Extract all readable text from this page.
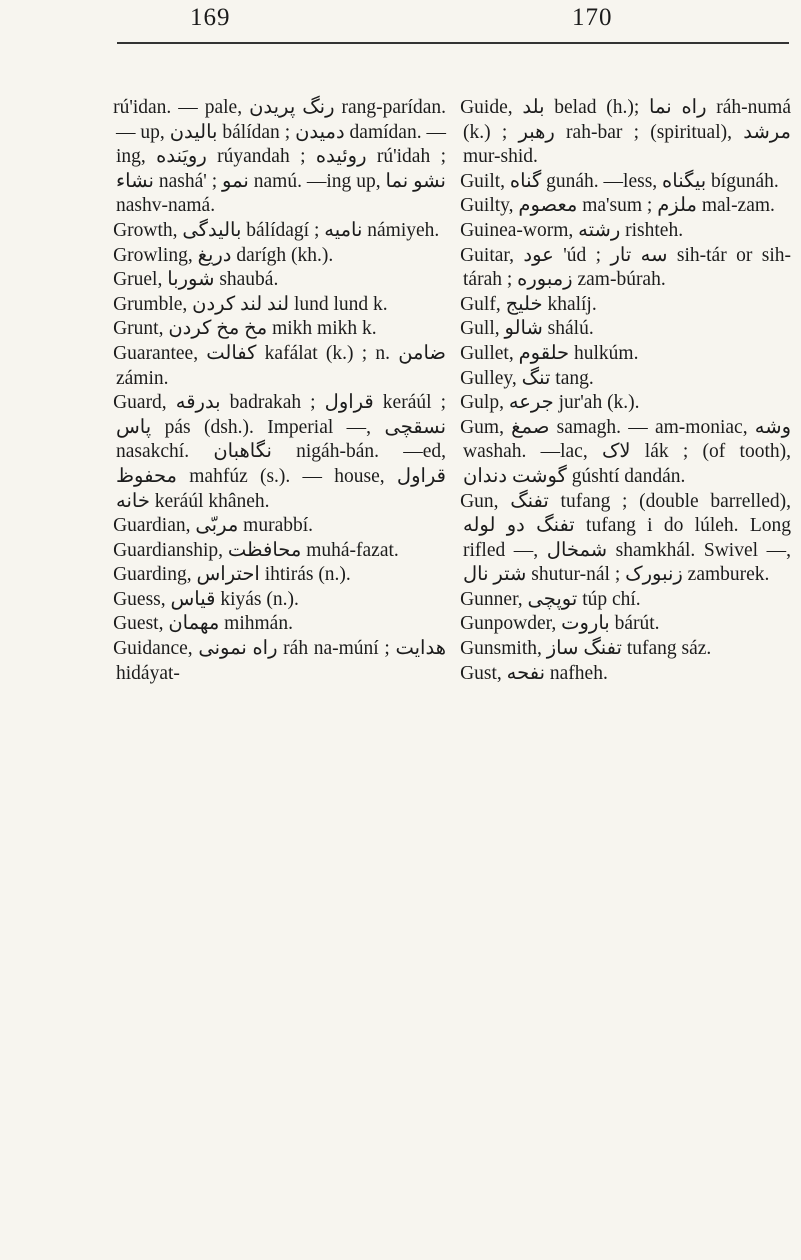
169	170

rú'idan. — pale, ‏رنگ پریدن‎ rang-parídan. — up, ‏بالیدن‎ bálídan ; ‏دمیدن‎ damídan. —ing, ‏رویَنده‎ rúyandah ; ‏روئیده‎ rú'idah ; ‏نشاء‎ nashá' ; ‏نمو‎ namú. —ing up, ‏نشو نما‎ nashv-namá.

Growth, ‏بالیدگی‎ bálídagí ; ‏نامیه‎ námiyeh.

Growling, ‏دریغ‎ darígh (kh.).

Gruel, ‏شوربا‎ shaubá.

Grumble, ‏لند لند کردن‎ lund lund k.

Grunt, ‏مخ مخ کردن‎ mikh mikh k.

Guarantee, ‏کفالت‎ kafálat (k.) ; n. ‏ضامن‎ zámin.

Guard, ‏بدرقه‎ badrakah ; ‏قراول‎ keráúl ; ‏پاس‎ pás (dsh.). Imperial —, ‏نسقچی‎ nasakchí. ‏نگاهبان‎ nigáh-bán. —ed, ‏محفوظ‎ mahfúz (s.). — house, ‏قراول خانه‎ keráúl khâneh.

Guardian, ‏مربّی‎ murabbí.

Guardianship, ‏محافظت‎ muhá-fazat.

Guarding, ‏احتراس‎ ihtirás (n.).

Guess, ‏قیاس‎ kiyás (n.).

Guest, ‏مهمان‎ mihmán.

Guidance, ‏راه نمونی‎ ráh na-múní ; ‏هدایت‎ hidáyat-

Guide, ‏بلد‎ belad (h.); ‏راه نما‎ ráh-numá (k.) ; ‏رهبر‎ rah-bar ; (spiritual), ‏مرشد‎ mur-shid.

Guilt, ‏گناه‎ gunáh. —less, ‏بیگناه‎ bígunáh.

Guilty, ‏معصوم‎ ma'sum ; ‏ملزم‎ mal-zam.

Guinea-worm, ‏رشته‎ rishteh.

Guitar, ‏عود‎ 'úd ; ‏سه تار‎ sih-tár or sih-tárah ; ‏زمبوره‎ zam-búrah.

Gulf, ‏خلیج‎ khalíj.

Gull, ‏شالو‎ shálú.

Gullet, ‏حلقوم‎ hulkúm.

Gulley, ‏تنگ‎ tang.

Gulp, ‏جرعه‎ jur'ah (k.).

Gum, ‏صمغ‎ samagh. — am-moniac, ‏وشه‎ washah. —lac, ‏لاک‎ lák ; (of tooth), ‏گوشت دندان‎ gúshtí dandán.

Gun, ‏تفنگ‎ tufang ; (double barrelled), ‏تفنگ دو لوله‎ tufang i do lúleh. Long rifled —, ‏شمخال‎ shamkhál. Swivel —, ‏شتر نال‎ shutur-nál ; ‏زنبورک‎ zamburek.

Gunner, ‏توپچی‎ túp chí.

Gunpowder, ‏باروت‎ bárút.

Gunsmith, ‏تفنگ ساز‎ tufang sáz.

Gust, ‏نفحه‎ nafheh.
